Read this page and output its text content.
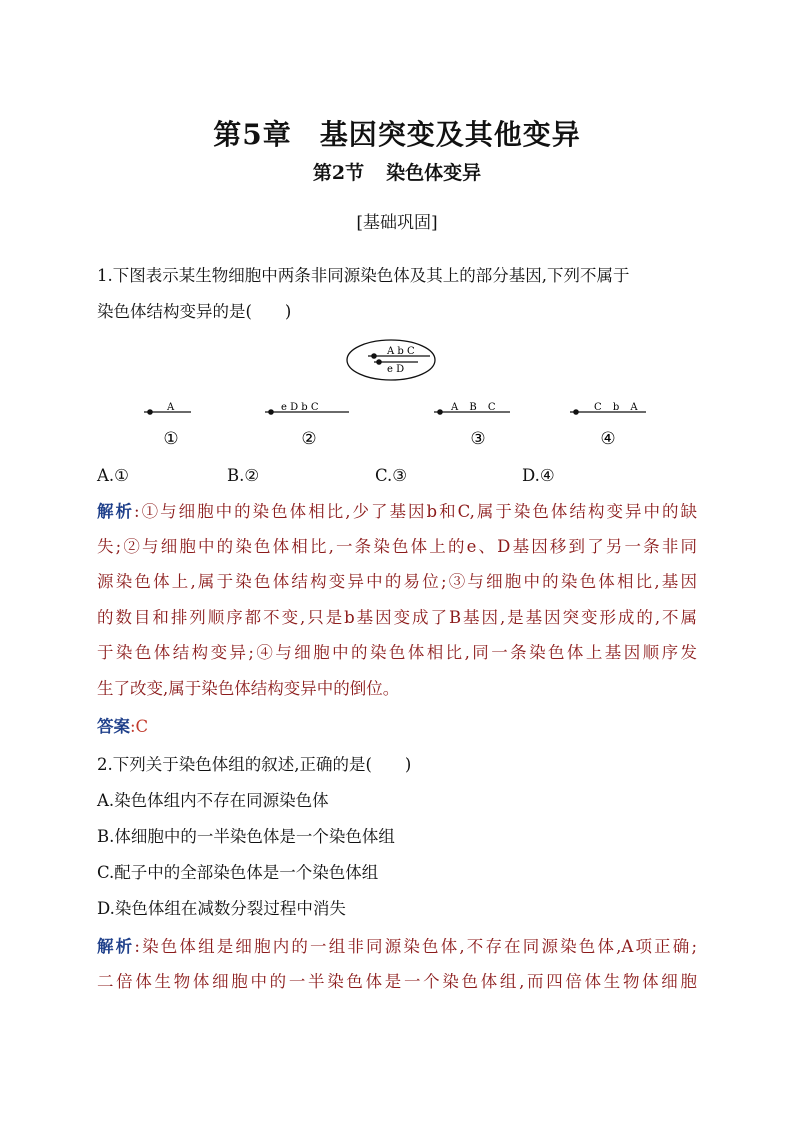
第5章 基因突变及其他变异
第2节 染色体变异
[基础巩固]
1.下图表示某生物细胞中两条非同源染色体及其上的部分基因,下列不属于
染色体结构变异的是(　　)
A b C
e D
A
①
e D b C
②
A B C
③
C b A
④
A.①	B.②	C.③	D.④
解析:①与细胞中的染色体相比,少了基因b和C,属于染色体结构变异中的缺
失;②与细胞中的染色体相比,一条染色体上的e、D基因移到了另一条非同
源染色体上,属于染色体结构变异中的易位;③与细胞中的染色体相比,基因
的数目和排列顺序都不变,只是b基因变成了B基因,是基因突变形成的,不属
于染色体结构变异;④与细胞中的染色体相比,同一条染色体上基因顺序发
生了改变,属于染色体结构变异中的倒位。
答案:C
2.下列关于染色体组的叙述,正确的是(　　)
A.染色体组内不存在同源染色体
B.体细胞中的一半染色体是一个染色体组
C.配子中的全部染色体是一个染色体组
D.染色体组在减数分裂过程中消失
解析:染色体组是细胞内的一组非同源染色体,不存在同源染色体,A项正确;
二倍体生物体细胞中的一半染色体是一个染色体组,而四倍体生物体细胞
